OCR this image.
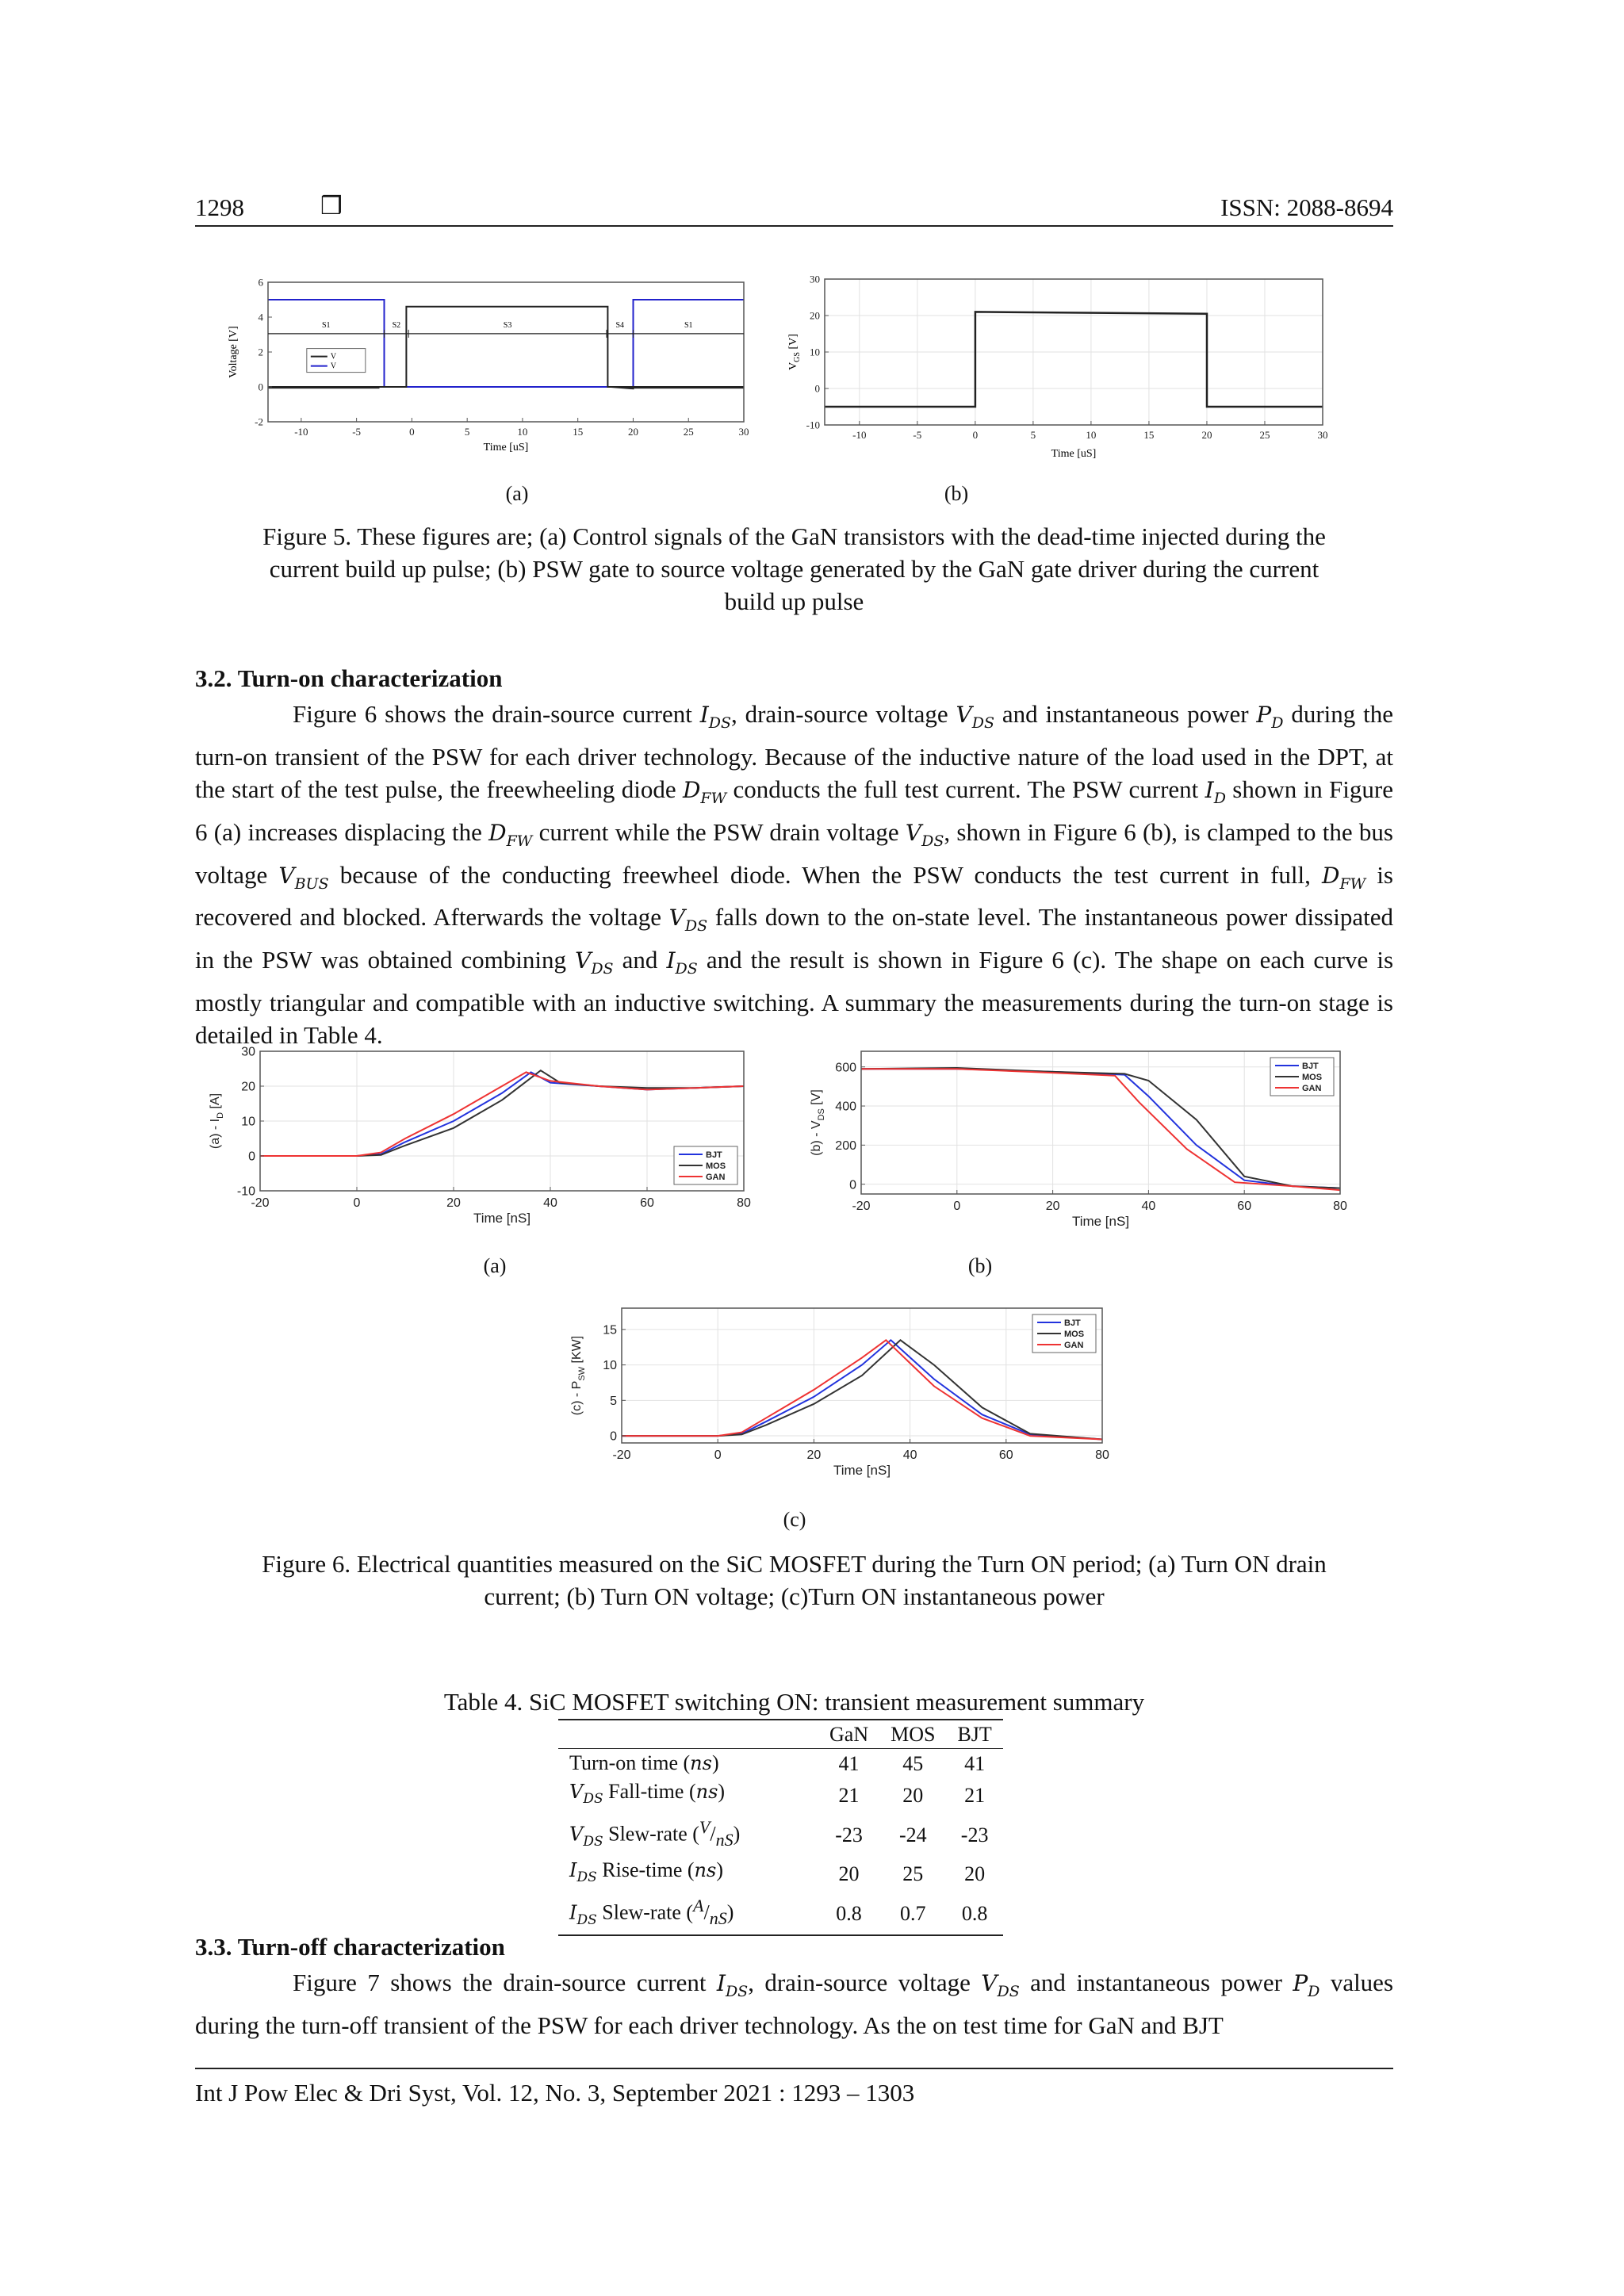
1298	❒	ISSN: 2088-8694
-10	-5	0	5	10	15	20	25	30
6
4
2
0
-2
Time [uS]
Voltage [V]
S1	S2	S3	S4	S1
V
V
-10	-5	0	5	10	15	20	25	30
30
20
10
0
-10
Time [uS]
$V_{GS}$ [V]
(a)	(b)
Figure 5. These figures are; (a) Control signals of the GaN transistors with the dead-time injected during the
current build up pulse; (b) PSW gate to source voltage generated by the GaN gate driver during the current
build up pulse
3.2. Turn-on characterization
Figure 6 shows the drain-source current $I_{DS}$, drain-source voltage $V_{DS}$ and instantaneous power $P_D$ during the turn-on transient of the PSW for each driver technology. Because of the inductive nature of the load used in the DPT, at the start of the test pulse, the freewheeling diode $D_{FW}$ conducts the full test current. The PSW current $I_D$ shown in Figure 6 (a) increases displacing the $D_{FW}$ current while the PSW drain voltage $V_{DS}$, shown in Figure 6 (b), is clamped to the bus voltage $V_{BUS}$ because of the conducting freewheel diode. When the PSW conducts the test current in full, $D_{FW}$ is recovered and blocked. Afterwards the voltage $V_{DS}$ falls down to the on-state level. The instantaneous power dissipated in the PSW was obtained combining $V_{DS}$ and $I_{DS}$ and the result is shown in Figure 6 (c). The shape on each curve is mostly triangular and compatible with an inductive switching. A summary the measurements during the turn-on stage is detailed in Table 4.
-20	0	20	40	60	80
30
20
10
0
-10
Time [nS]
$(a) - I_D$ [A]
BJT
MOS
GAN
-20	0	20	40	60	80
600
400
200
0
Time [nS]
$(b) - V_{DS}$ [V]
BJT
MOS
GAN
(a)	(b)
-20	0	20	40	60	80
15
10
5
0
Time [nS]
$(c) - P_{SW}$ [KW]
BJT
MOS
GAN
(c)
Figure 6. Electrical quantities measured on the SiC MOSFET during the Turn ON period; (a) Turn ON drain
current; (b) Turn ON voltage; (c)Turn ON instantaneous power
Table 4. SiC MOSFET switching ON: transient measurement summary
	GaN	MOS	BJT
Turn-on time (ns)	41	45	41
$V_{DS}$ Fall-time (ns)	21	20	21
$V_{DS}$ Slew-rate $(^V/_{nS})$	-23	-24	-23
$I_{DS}$ Rise-time (ns)	20	25	20
$I_{DS}$ Slew-rate $(^A/_{nS})$	0.8	0.7	0.8
3.3. Turn-off characterization
Figure 7 shows the drain-source current $I_{DS}$, drain-source voltage $V_{DS}$ and instantaneous power $P_D$ values during the turn-off transient of the PSW for each driver technology. As the on test time for GaN and BJT
Int J Pow Elec & Dri Syst, Vol. 12, No. 3, September 2021 : 1293 – 1303
